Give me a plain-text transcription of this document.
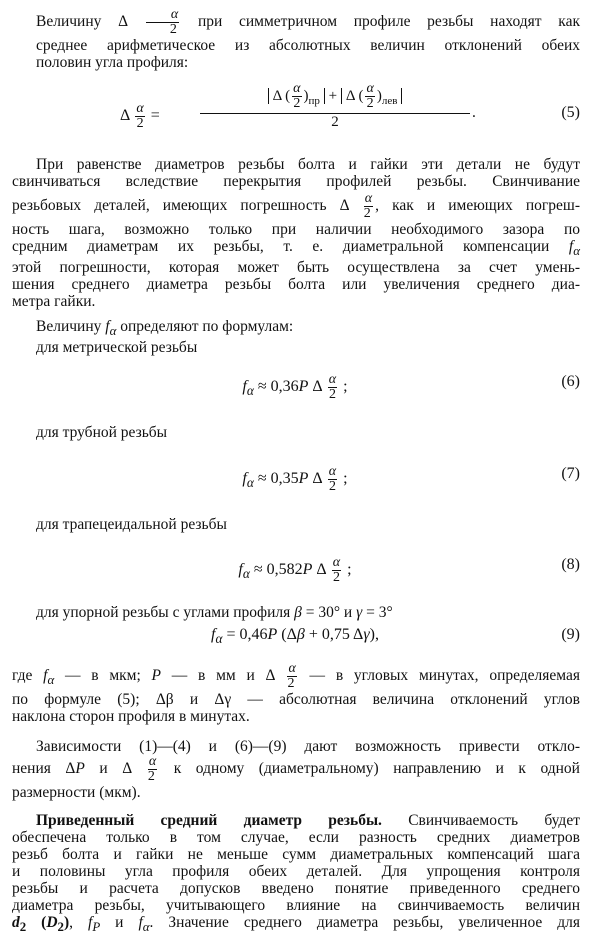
Величину Δ $\frac{\alpha}{2}$ при симметричном профиле резьбы находят как
среднее арифметическое из абсолютных величин отклонений обеих
половин угла профиля:
Δ $\frac{\alpha}{2}$ =
Δ ( $\frac{\alpha}{2} )_{пр} + \Delta$ ( $\frac{\alpha}{2} )_{лев}$
2
.	(5)
При равенстве диаметров резьбы болта и гайки эти детали не будут
свинчиваться вследствие перекрытия профилей резьбы. Свинчивание
резьбовых деталей, имеющих погрешность Δ $\frac{\alpha}{2}$ , как и имеющих погреш-
ность шага, возможно только при наличии необходимого зазора по
средним диаметрам их резьбы, т. е. диаметральной компенсации $f_\alpha$
этой погрешности, которая может быть осуществлена за счет умень-
шения среднего диаметра резьбы болта или увеличения среднего диа-
метра гайки.
Величину $f_\alpha$ определяют по формулам:
для метрической резьбы
$f_\alpha \approx 0,36P$ Δ $\frac{\alpha}{2}$ ;	(6)
для трубной резьбы
$f_\alpha \approx 0,35P$ Δ $\frac{\alpha}{2}$ ;	(7)
для трапецеидальной резьбы
$f_\alpha \approx 0,582P$ Δ $\frac{\alpha}{2}$ ;	(8)
для упорной резьбы с углами профиля β = 30° и γ = 3°
$f_\alpha = 0,46P$ (Δβ + 0,75 Δγ),	(9)
где $f_\alpha$ — в мкм; P — в мм и Δ $\frac{\alpha}{2}$ — в угловых минутах, определяемая
по формуле (5); Δβ и Δγ — абсолютная величина отклонений углов
наклона сторон профиля в минутах.
Зависимости (1)—(4) и (6)—(9) дают возможность привести откло-
нения ΔP и Δ $\frac{\alpha}{2}$ к одному (диаметральному) направлению и к одной
размерности (мкм).
Приведенный средний диаметр резьбы. Свинчиваемость будет
обеспечена только в том случае, если разность средних диаметров
резьб болта и гайки не меньше сумм диаметральных компенсаций шага
и половины угла профиля обеих деталей. Для упрощения контроля
резьбы и расчета допусков введено понятие приведенного среднего
диаметра резьбы, учитывающего влияние на свинчиваемость величин
$d_2$ $(D_2)$, $f_P$ и $f_\alpha$. Значение среднего диаметра резьбы, увеличенное для
